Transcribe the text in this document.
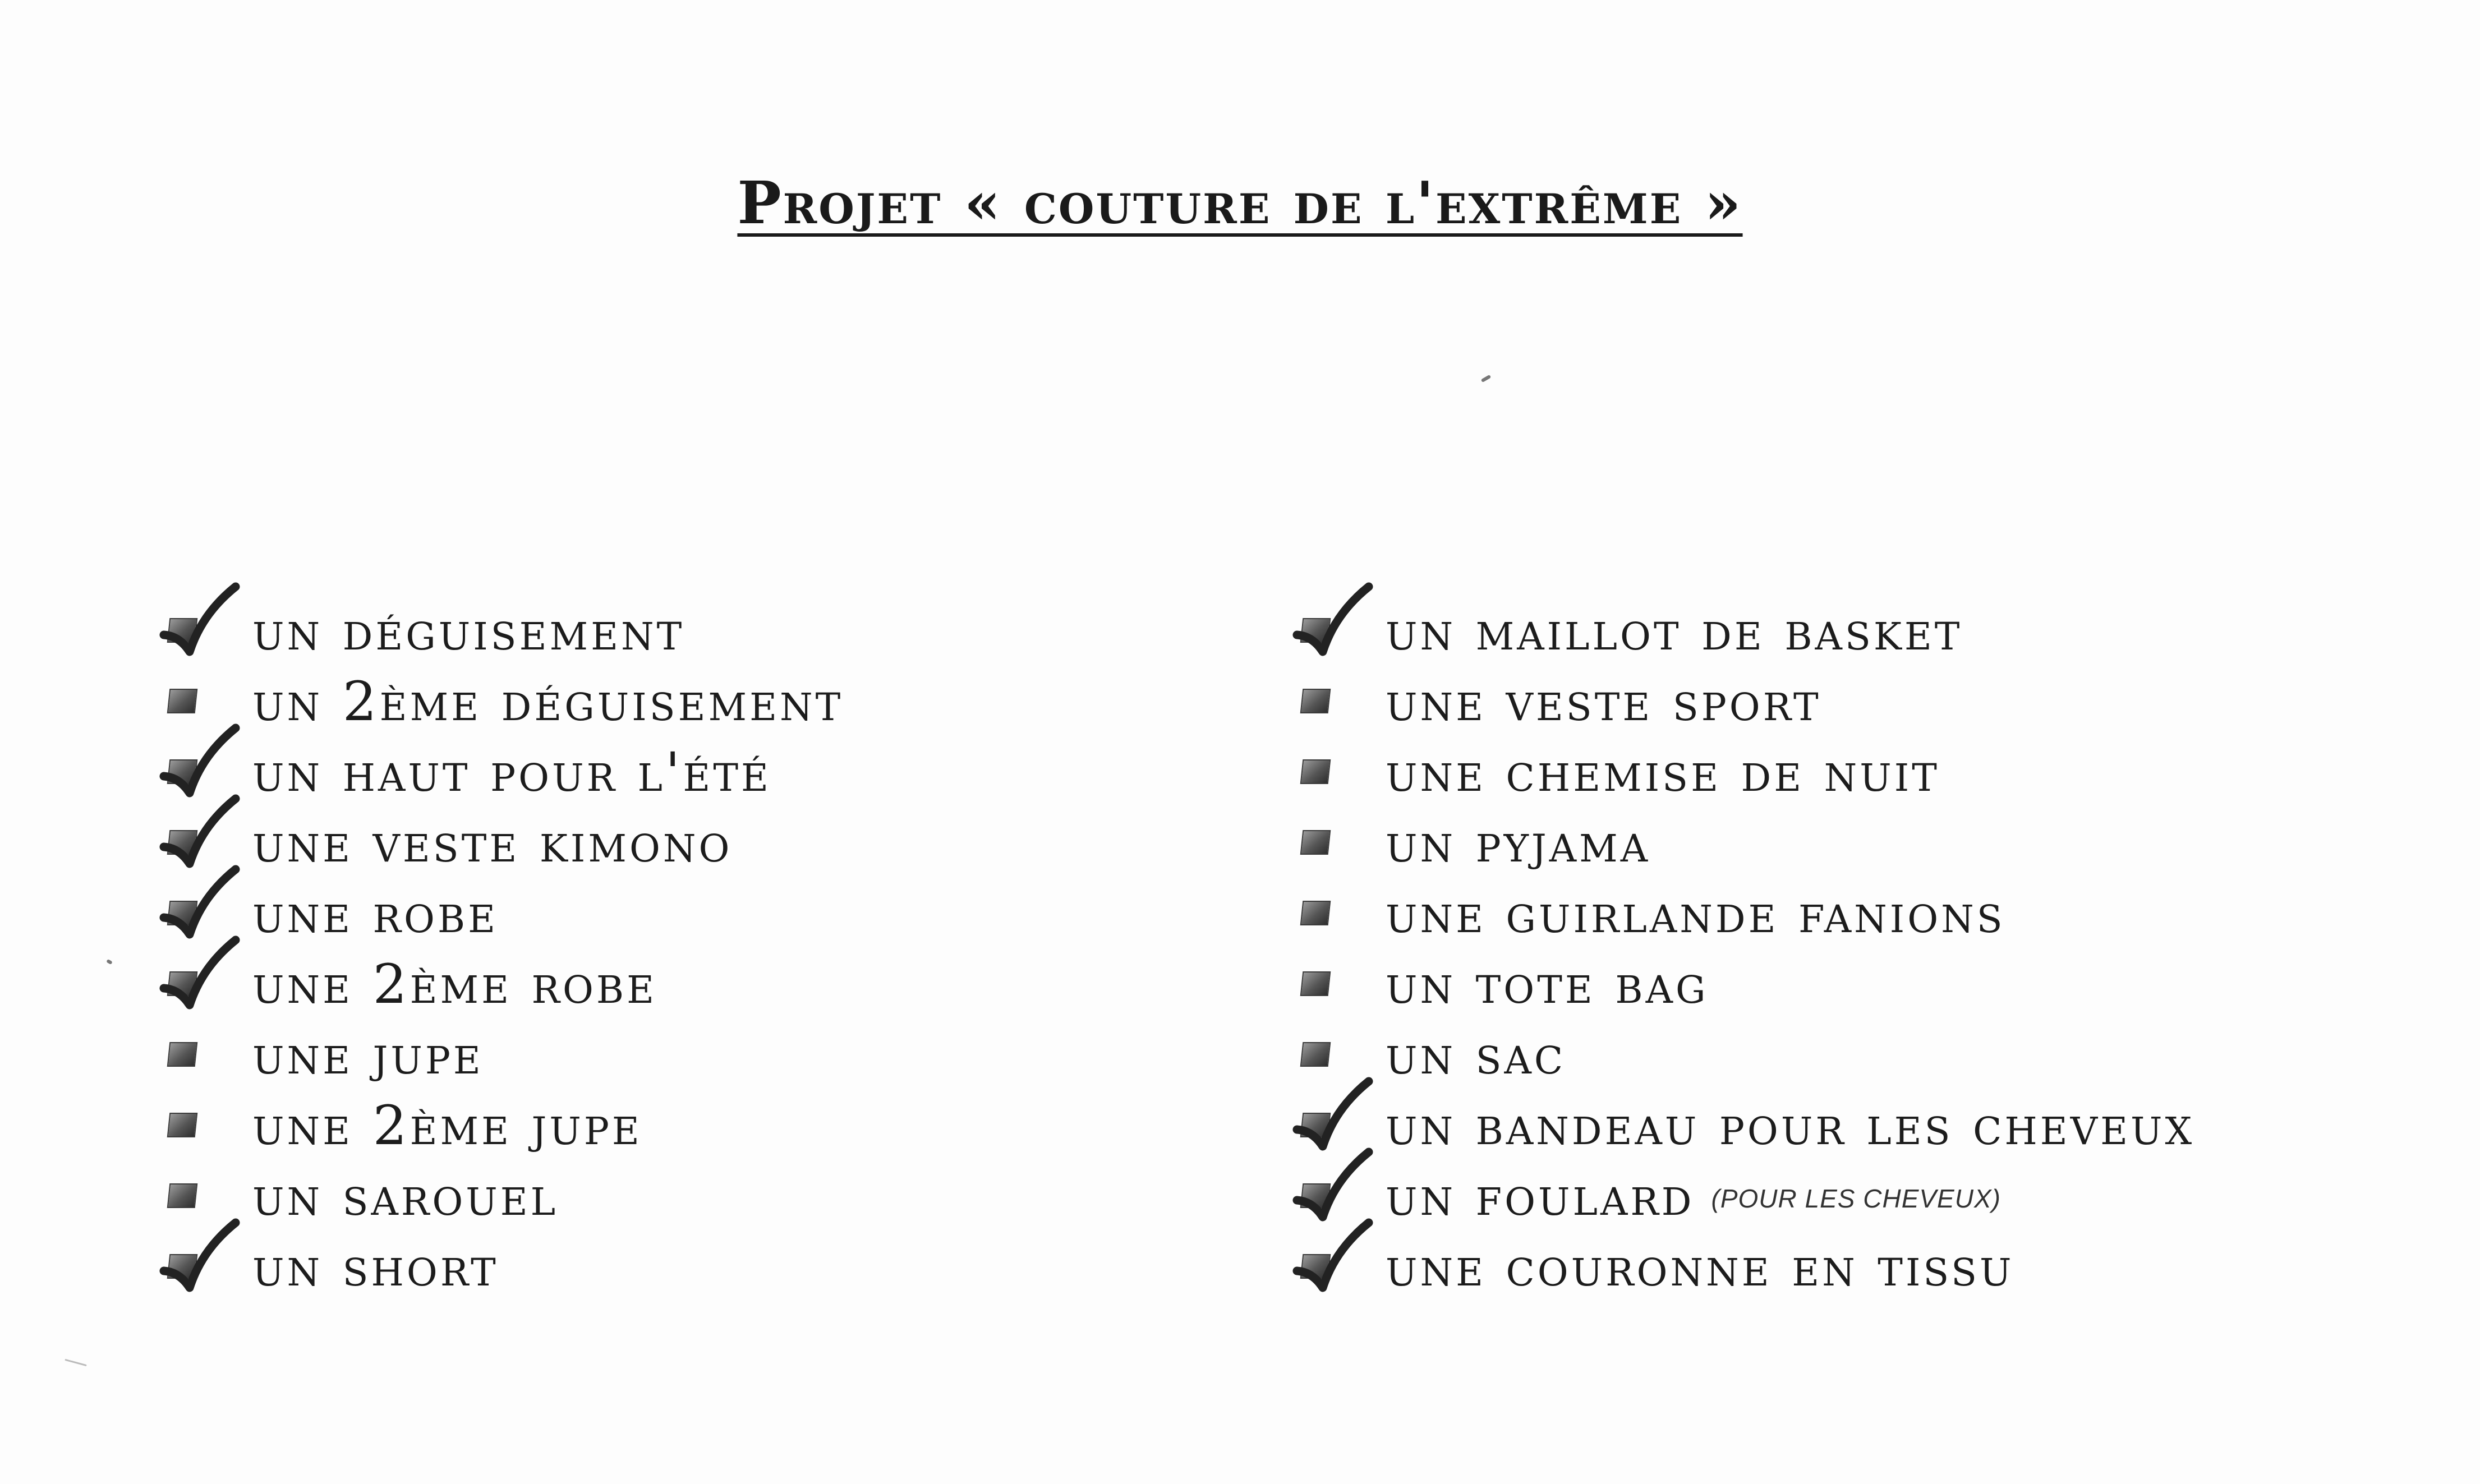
Projet « couture de l'extrême »
un déguisement
un 2ème déguisement
un haut pour l'été
une veste kimono
une robe
une 2ème robe
une jupe
une 2ème jupe
un sarouel
un short
un maillot de basket
une veste sport
une chemise de nuit
un pyjama
une guirlande fanions
un tote bag
un sac
un bandeau pour les cheveux
un foulard (POUR LES CHEVEUX)
une couronne en tissu
